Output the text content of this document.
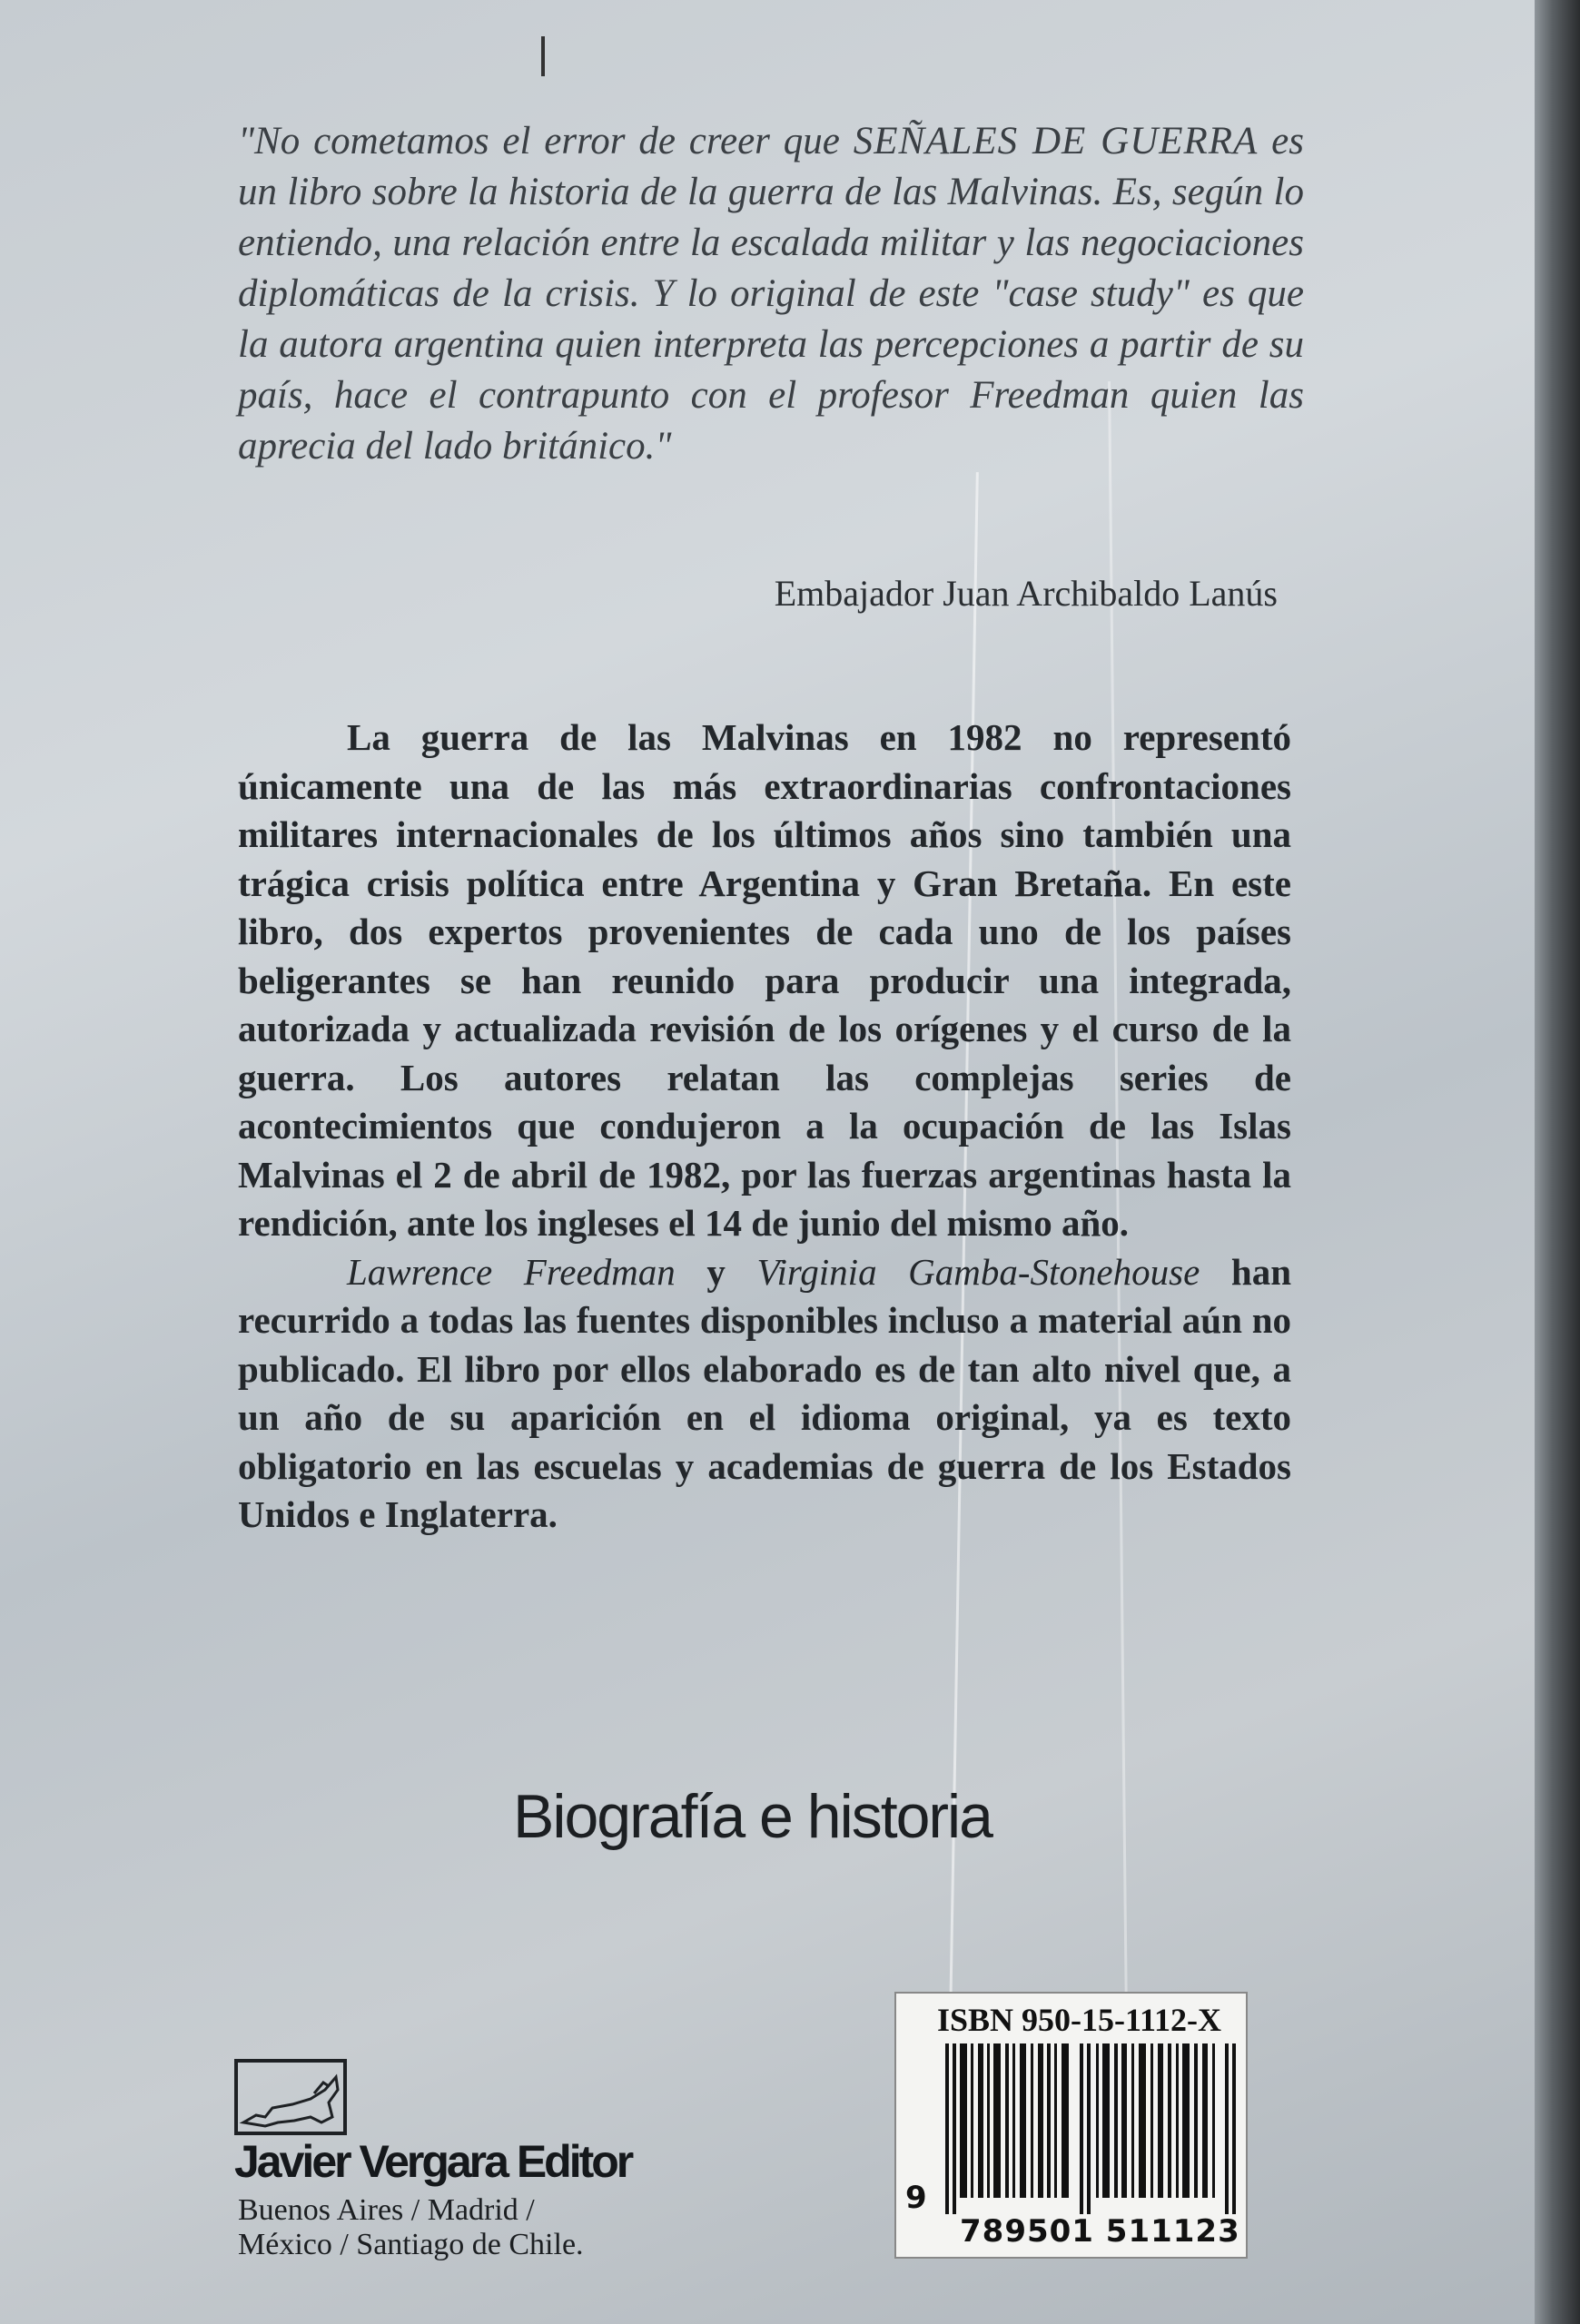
"No cometamos el error de creer que SEÑALES DE GUERRA es un libro sobre la historia de la guerra de las Malvinas. Es, según lo entiendo, una relación entre la escalada militar y las negociaciones diplomáticas de la crisis. Y lo original de este "case study" es que la autora argentina quien interpreta las percepciones a partir de su país, hace el contrapunto con el profesor Freedman quien las aprecia del lado británico."

Embajador Juan Archibaldo Lanús

La guerra de las Malvinas en 1982 no representó únicamente una de las más extraordinarias confrontaciones militares internacionales de los últimos años sino también una trágica crisis política entre Argentina y Gran Bretaña. En este libro, dos expertos provenientes de cada uno de los países beligerantes se han reunido para producir una integrada, autorizada y actualizada revisión de los orígenes y el curso de la guerra. Los autores relatan las complejas series de acontecimientos que condujeron a la ocupación de las Islas Malvinas el 2 de abril de 1982, por las fuerzas argentinas hasta la rendición, ante los ingleses el 14 de junio del mismo año.

Lawrence Freedman y Virginia Gamba-Stonehouse han recurrido a todas las fuentes disponibles incluso a material aún no publicado. El libro por ellos elaborado es de tan alto nivel que, a un año de su aparición en el idioma original, ya es texto obligatorio en las escuelas y academias de guerra de los Estados Unidos e Inglaterra.

Biografía e historia

Javier Vergara Editor

Buenos Aires / Madrid /
México / Santiago de Chile.

ISBN 950-15-1112-X
9
789501 511123
